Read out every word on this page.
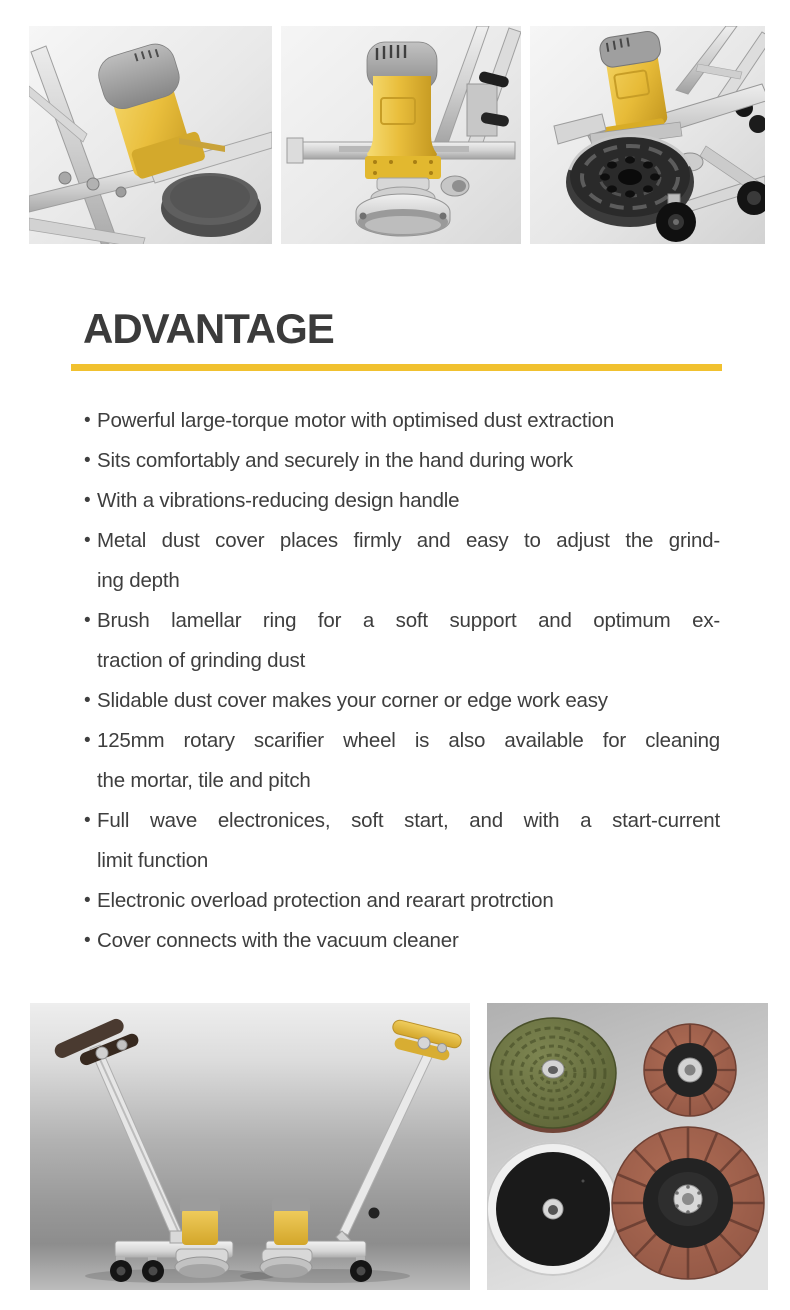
ADVANTAGE
• Powerful large-torque motor with optimised dust extraction
• Sits comfortably and securely in the hand during work
• With a vibrations-reducing design handle
• Metal dust cover places firmly and easy to adjust the grind-
ing depth
• Brush lamellar ring for a soft support and optimum ex-
traction of grinding dust
• Slidable dust cover makes your corner or edge work easy
• 125mm rotary scarifier wheel is also available for cleaning
the mortar, tile and pitch
• Full wave electronices, soft start, and with a start-current
limit function
• Electronic overload protection and rearart protrction
• Cover connects with the vacuum cleaner
